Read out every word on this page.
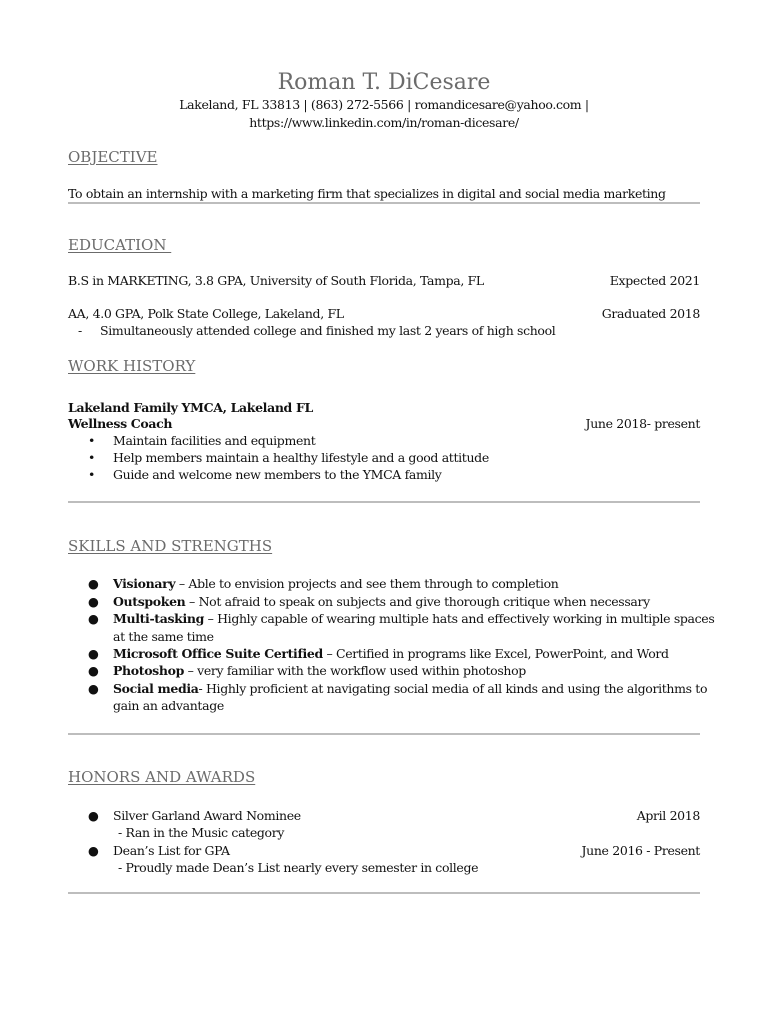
Roman T. DiCesare
Lakeland, FL 33813 | (863) 272-5566 | romandicesare@yahoo.com |
https://www.linkedin.com/in/roman-dicesare/
OBJECTIVE
To obtain an internship with a marketing firm that specializes in digital and social media marketing
EDUCATION
B.S in MARKETING, 3.8 GPA, University of South Florida, Tampa, FL	Expected 2021
AA, 4.0 GPA, Polk State College, Lakeland, FL	Graduated 2018
- Simultaneously attended college and finished my last 2 years of high school
WORK HISTORY
Lakeland Family YMCA, Lakeland FL
Wellness Coach	June 2018- present
• Maintain facilities and equipment
• Help members maintain a healthy lifestyle and a good attitude
• Guide and welcome new members to the YMCA family
SKILLS AND STRENGTHS
● Visionary – Able to envision projects and see them through to completion
● Outspoken – Not afraid to speak on subjects and give thorough critique when necessary
● Multi-tasking – Highly capable of wearing multiple hats and effectively working in multiple spaces
at the same time
● Microsoft Office Suite Certified – Certified in programs like Excel, PowerPoint, and Word
● Photoshop – very familiar with the workflow used within photoshop
● Social media- Highly proficient at navigating social media of all kinds and using the algorithms to
gain an advantage
HONORS AND AWARDS
● Silver Garland Award Nominee	April 2018
- Ran in the Music category
● Dean’s List for GPA	June 2016 - Present
- Proudly made Dean’s List nearly every semester in college
